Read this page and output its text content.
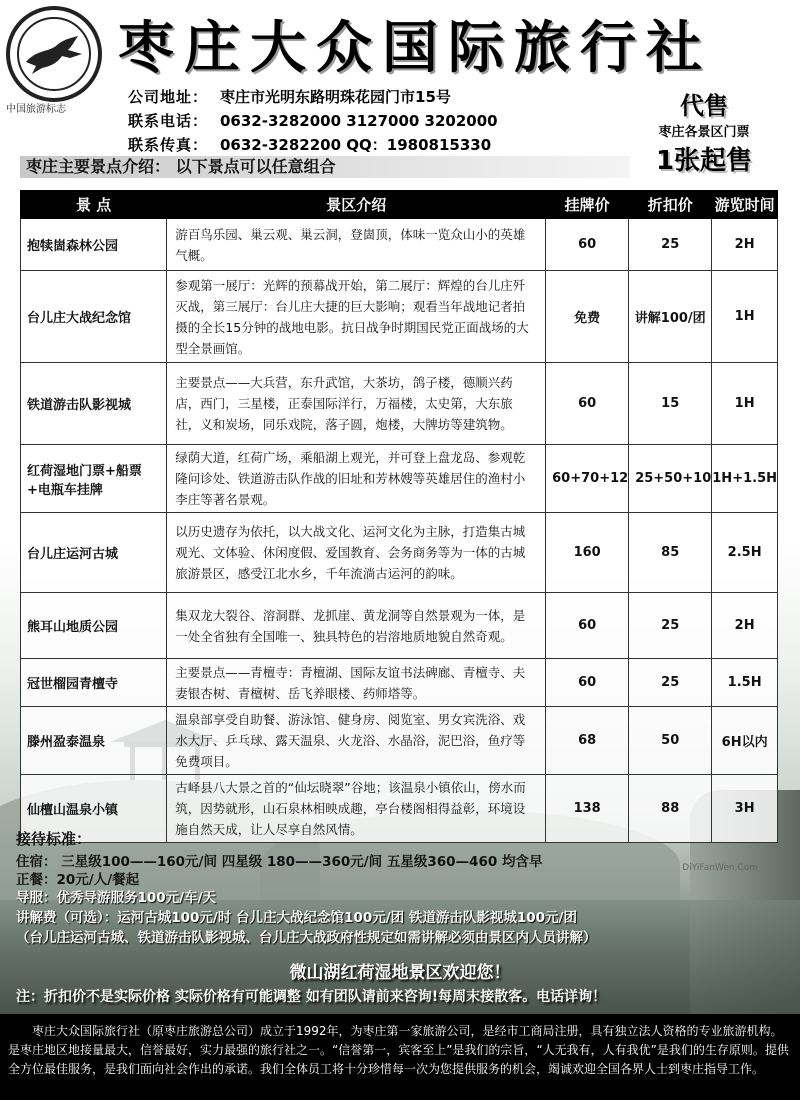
中国旅游标志
枣庄大众国际旅行社
公司地址： 枣庄市光明东路明珠花园门市15号
联系电话： 0632-3282000 3127000 3202000
联系传真： 0632-3282200 QQ：1980815330
代售
枣庄各景区门票
1张起售
枣庄主要景点介绍： 以下景点可以任意组合
景 点	景区介绍	挂牌价	折扣价	游览时间
抱犊崮森林公园	游百鸟乐园、巢云观、巢云洞，登崮顶，体味一览众山小的英雄气概。	60	25	2H
台儿庄大战纪念馆	参观第一展厅：光辉的预幕战开始，第二展厅：辉煌的台儿庄歼灭战，第三展厅：台儿庄大捷的巨大影响；观看当年战地记者拍摄的全长15分钟的战地电影。抗日战争时期国民党正面战场的大型全景画馆。	免费	讲解100/团	1H
铁道游击队影视城	主要景点——大兵营，东升武馆，大茶坊，鸽子楼，德顺兴药店，西门，三星楼，正泰国际洋行，万福楼，太史第，大东旅社，义和炭场，同乐戏院，落子圆，炮楼，大牌坊等建筑物。	60	15	1H
红荷湿地门票+船票+电瓶车挂牌	绿荫大道，红荷广场，乘船湖上观光，并可登上盘龙岛、参观乾隆问诊处、铁道游击队作战的旧址和芳林嫂等英雄居住的渔村小李庄等著名景观。	60+70+12	25+50+10	1H+1.5H
台儿庄运河古城	以历史遗存为依托，以大战文化、运河文化为主脉，打造集古城观光、文体验、休闲度假、爱国教育、会务商务等为一体的古城旅游景区，感受江北水乡，千年流淌古运河的韵味。	160	85	2.5H
熊耳山地质公园	集双龙大裂谷、溶洞群、龙抓崖、黄龙洞等自然景观为一体，是一处全省独有全国唯一、独具特色的岩溶地质地貌自然奇观。	60	25	2H
冠世榴园青檀寺	主要景点——青檀寺：青檀湖、国际友谊书法碑廊、青檀寺、夫妻银杏树、青檀树、岳飞养眼楼、药师塔等。	60	25	1.5H
滕州盈泰温泉	温泉部享受自助餐、游泳馆、健身房、阅览室、男女宾洗浴、戏水大厅、乒乓球、露天温泉、火龙浴、水晶浴，泥巴浴，鱼疗等免费项目。	68	50	6H以内
仙檀山温泉小镇	古峄县八大景之首的“仙坛晓翠”谷地；该温泉小镇依山，傍水而筑，因势就形，山石泉林相映成趣，亭台楼阁相得益彰，环境设施自然天成，让人尽享自然风情。	138	88	3H
接待标准：
住宿： 三星级100——160元/间 四星级 180——360元/间 五星级360—460 均含早
正餐：20元/人/餐起
导服：优秀导游服务100元/车/天
讲解费（可选）：运河古城100元/时 台儿庄大战纪念馆100元/团 铁道游击队影视城100元/团
（台儿庄运河古城、铁道游击队影视城、台儿庄大战政府性规定如需讲解必须由景区内人员讲解）
DiYiFanWen.Com
微山湖红荷湿地景区欢迎您！
注：折扣价不是实际价格 实际价格有可能调整 如有团队请前来咨询!每周末接散客。电话详询！
枣庄大众国际旅行社（原枣庄旅游总公司）成立于1992年，为枣庄第一家旅游公司，是经市工商局注册，具有独立法人资格的专业旅游机构。是枣庄地区地接量最大，信誉最好，实力最强的旅行社之一。“信誉第一，宾客至上”是我们的宗旨，“人无我有，人有我优”是我们的生存原则。提供全方位最佳服务，是我们面向社会作出的承诺。我们全体员工将十分珍惜每一次为您提供服务的机会，竭诚欢迎全国各界人士到枣庄指导工作。
